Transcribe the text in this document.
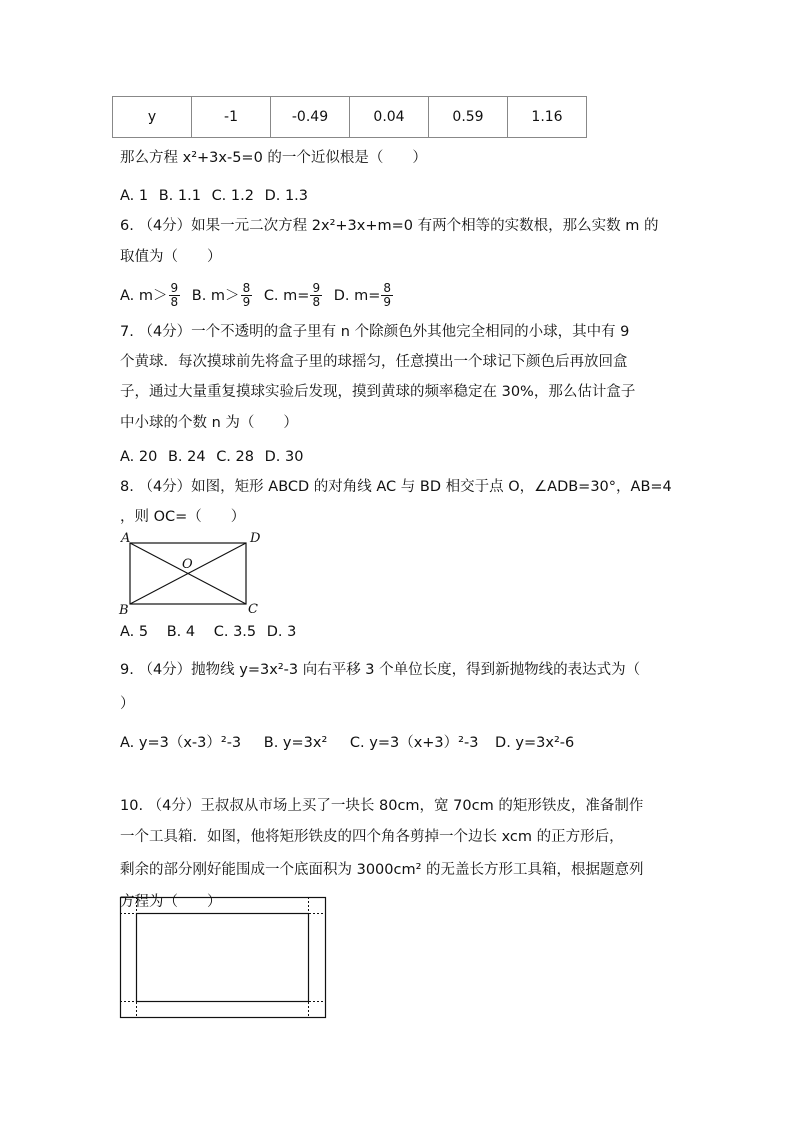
y	-1	-0.49	0.04	0.59	1.16
那么方程 x²+3x-5=0 的一个近似根是（　　）
A. 1 B. 1.1 C. 1.2 D. 1.3
6. （4分）如果一元二次方程 2x²+3x+m=0 有两个相等的实数根，那么实数 m 的
取值为（　　）
A. $m> \frac{9}{8} B$. $m> \frac{8}{9} C$. $m= \frac{9}{8} D$. $m= \frac{8}{9}$
7. （4分）一个不透明的盒子里有 n 个除颜色外其他完全相同的小球，其中有 9
个黄球．每次摸球前先将盒子里的球摇匀，任意摸出一个球记下颜色后再放回盒
子，通过大量重复摸球实验后发现，摸到黄球的频率稳定在 30%，那么估计盒子
中小球的个数 n 为（　　）
A. 20 B. 24 C. 28 D. 30
8. （4分）如图，矩形 ABCD 的对角线 AC 与 BD 相交于点 O，∠ADB=30°，AB=4
，则 OC=（　　）
A	D
B	C
O
A. 5 B. 4 C. 3.5 D. 3
9. （4分）抛物线 y=3x²-3 向右平移 3 个单位长度，得到新抛物线的表达式为（
）
A. y=3（x-3）²-3 B. y=3x² C. y=3（x+3）²-3 D. y=3x²-6
10. （4分）王叔叔从市场上买了一块长 80cm，宽 70cm 的矩形铁皮，准备制作
一个工具箱．如图，他将矩形铁皮的四个角各剪掉一个边长 xcm 的正方形后，
剩余的部分刚好能围成一个底面积为 3000cm² 的无盖长方形工具箱，根据题意列
方程为（　　）
